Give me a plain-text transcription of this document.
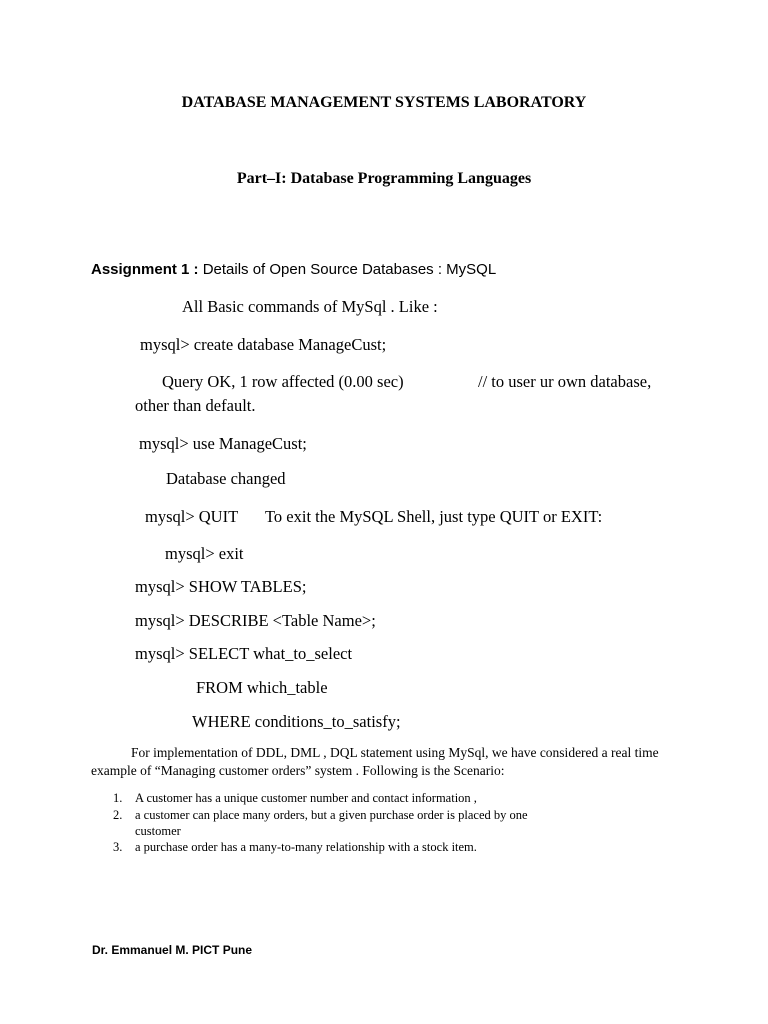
DATABASE MANAGEMENT SYSTEMS LABORATORY
Part–I: Database Programming Languages
Assignment 1 : Details of Open Source Databases : MySQL
All Basic commands of MySql . Like :
mysql> create database ManageCust;
Query OK, 1 row affected (0.00 sec)	// to user ur own database,
other than default.
mysql> use ManageCust;
Database changed
mysql> QUIT To exit the MySQL Shell, just type QUIT or EXIT:
mysql> exit
mysql> SHOW TABLES;
mysql> DESCRIBE <Table Name>;
mysql> SELECT what_to_select
FROM which_table
WHERE conditions_to_satisfy;
For implementation of DDL, DML , DQL statement using MySql, we have considered a real time
example of “Managing customer orders” system . Following is the Scenario:
1. A customer has a unique customer number and contact information ,
2. a customer can place many orders, but a given purchase order is placed by one
customer
3. a purchase order has a many-to-many relationship with a stock item.
Dr. Emmanuel M. PICT Pune
